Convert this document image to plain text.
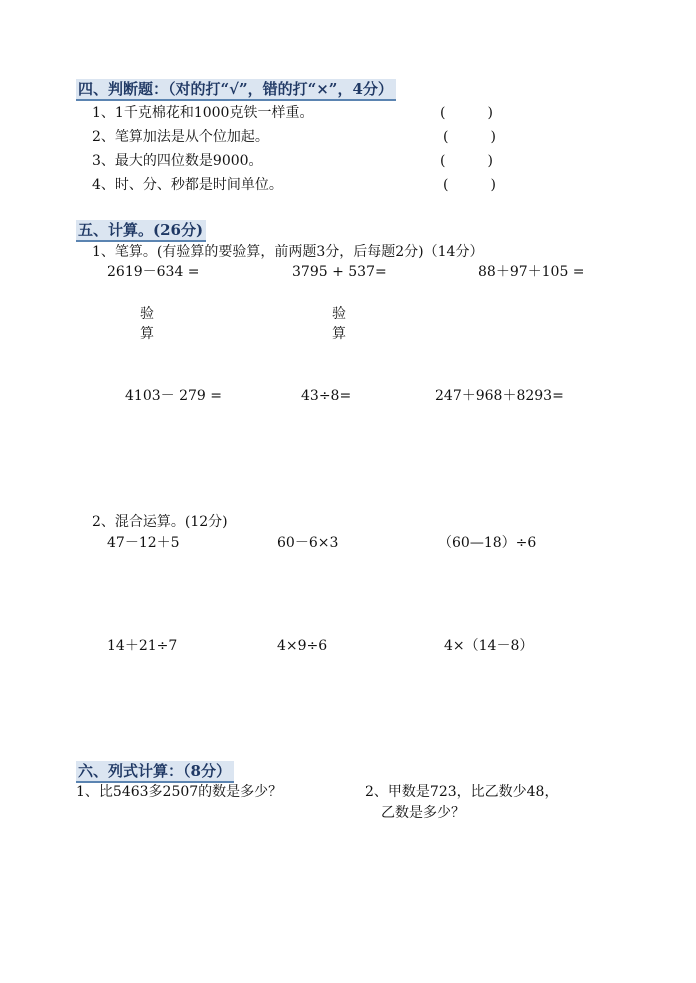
四、判断题：（对的打“√”，错的打“×”，4分）
1、1千克棉花和1000克铁一样重。	(　　　)
2、笔算加法是从个位加起。	(　　　)
3、最大的四位数是9000。	(　　　)
4、时、分、秒都是时间单位。	(　　　)
五、计算。(26分)
1、笔算。(有验算的要验算，前两题3分，后每题2分)（14分）
2619－634 =	3795 + 537=	88＋97＋105 =
验
算
验
算
4103－ 279 =	43÷8=	247＋968＋8293=
2、混合运算。(12分)
47－12＋5	60－6×3	（60—18）÷6
14＋21÷7	4×9÷6	4×（14－8）
六、列式计算：（8分）
1、比5463多2507的数是多少？	2、甲数是723，比乙数少48，
乙数是多少？
